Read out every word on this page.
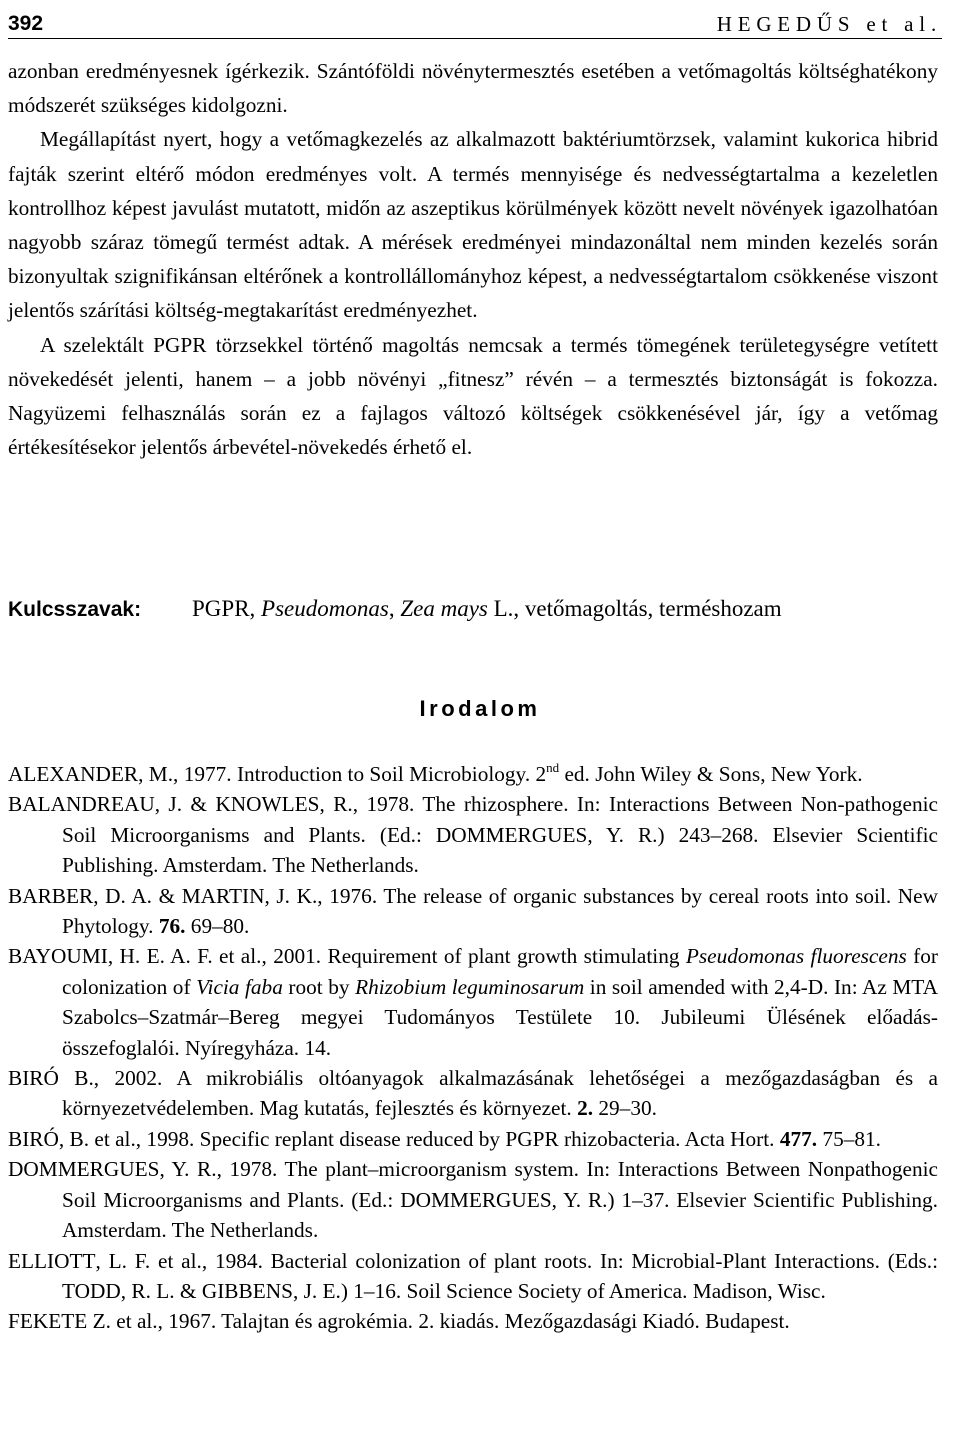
392	HEGEDŰS et al.

azonban eredményesnek ígérkezik. Szántóföldi növénytermesztés esetében a vetőmagoltás költséghatékony módszerét szükséges kidolgozni.

Megállapítást nyert, hogy a vetőmagkezelés az alkalmazott baktériumtörzsek, valamint kukorica hibrid fajták szerint eltérő módon eredményes volt. A termés mennyisége és nedvességtartalma a kezeletlen kontrollhoz képest javulást mutatott, midőn az aszeptikus körülmények között nevelt növények igazolhatóan nagyobb száraz tömegű termést adtak. A mérések eredményei mindazonáltal nem minden kezelés során bizonyultak szignifikánsan eltérőnek a kontrollállományhoz képest, a nedvességtartalom csökkenése viszont jelentős szárítási költség-megtakarítást eredményezhet.

A szelektált PGPR törzsekkel történő magoltás nemcsak a termés tömegének területegységre vetített növekedését jelenti, hanem – a jobb növényi „fitnesz” révén – a termesztés biztonságát is fokozza. Nagyüzemi felhasználás során ez a fajlagos változó költségek csökkenésével jár, így a vetőmag értékesítésekor jelentős árbevétel-növekedés érhető el.

Kulcsszavak: PGPR, Pseudomonas, Zea mays L., vetőmagoltás, terméshozam
Irodalom
ALEXANDER, M., 1977. Introduction to Soil Microbiology. 2nd ed. John Wiley & Sons, New York.
BALANDREAU, J. & KNOWLES, R., 1978. The rhizosphere. In: Interactions Between Non-pathogenic Soil Microorganisms and Plants. (Ed.: DOMMERGUES, Y. R.) 243–268. Elsevier Scientific Publishing. Amsterdam. The Netherlands.
BARBER, D. A. & MARTIN, J. K., 1976. The release of organic substances by cereal roots into soil. New Phytology. 76. 69–80.
BAYOUMI, H. E. A. F. et al., 2001. Requirement of plant growth stimulating Pseudomonas fluorescens for colonization of Vicia faba root by Rhizobium leguminosarum in soil amended with 2,4-D. In: Az MTA Szabolcs–Szatmár–Bereg megyei Tudományos Testülete 10. Jubileumi Ülésének előadás-összefoglalói. Nyíregyháza. 14.
BIRÓ B., 2002. A mikrobiális oltóanyagok alkalmazásának lehetőségei a mezőgazdaságban és a környezetvédelemben. Mag kutatás, fejlesztés és környezet. 2. 29–30.
BIRÓ, B. et al., 1998. Specific replant disease reduced by PGPR rhizobacteria. Acta Hort. 477. 75–81.
DOMMERGUES, Y. R., 1978. The plant–microorganism system. In: Interactions Between Nonpathogenic Soil Microorganisms and Plants. (Ed.: DOMMERGUES, Y. R.) 1–37. Elsevier Scientific Publishing. Amsterdam. The Netherlands.
ELLIOTT, L. F. et al., 1984. Bacterial colonization of plant roots. In: Microbial-Plant Interactions. (Eds.: TODD, R. L. & GIBBENS, J. E.) 1–16. Soil Science Society of America. Madison, Wisc.
FEKETE Z. et al., 1967. Talajtan és agrokémia. 2. kiadás. Mezőgazdasági Kiadó. Budapest.
